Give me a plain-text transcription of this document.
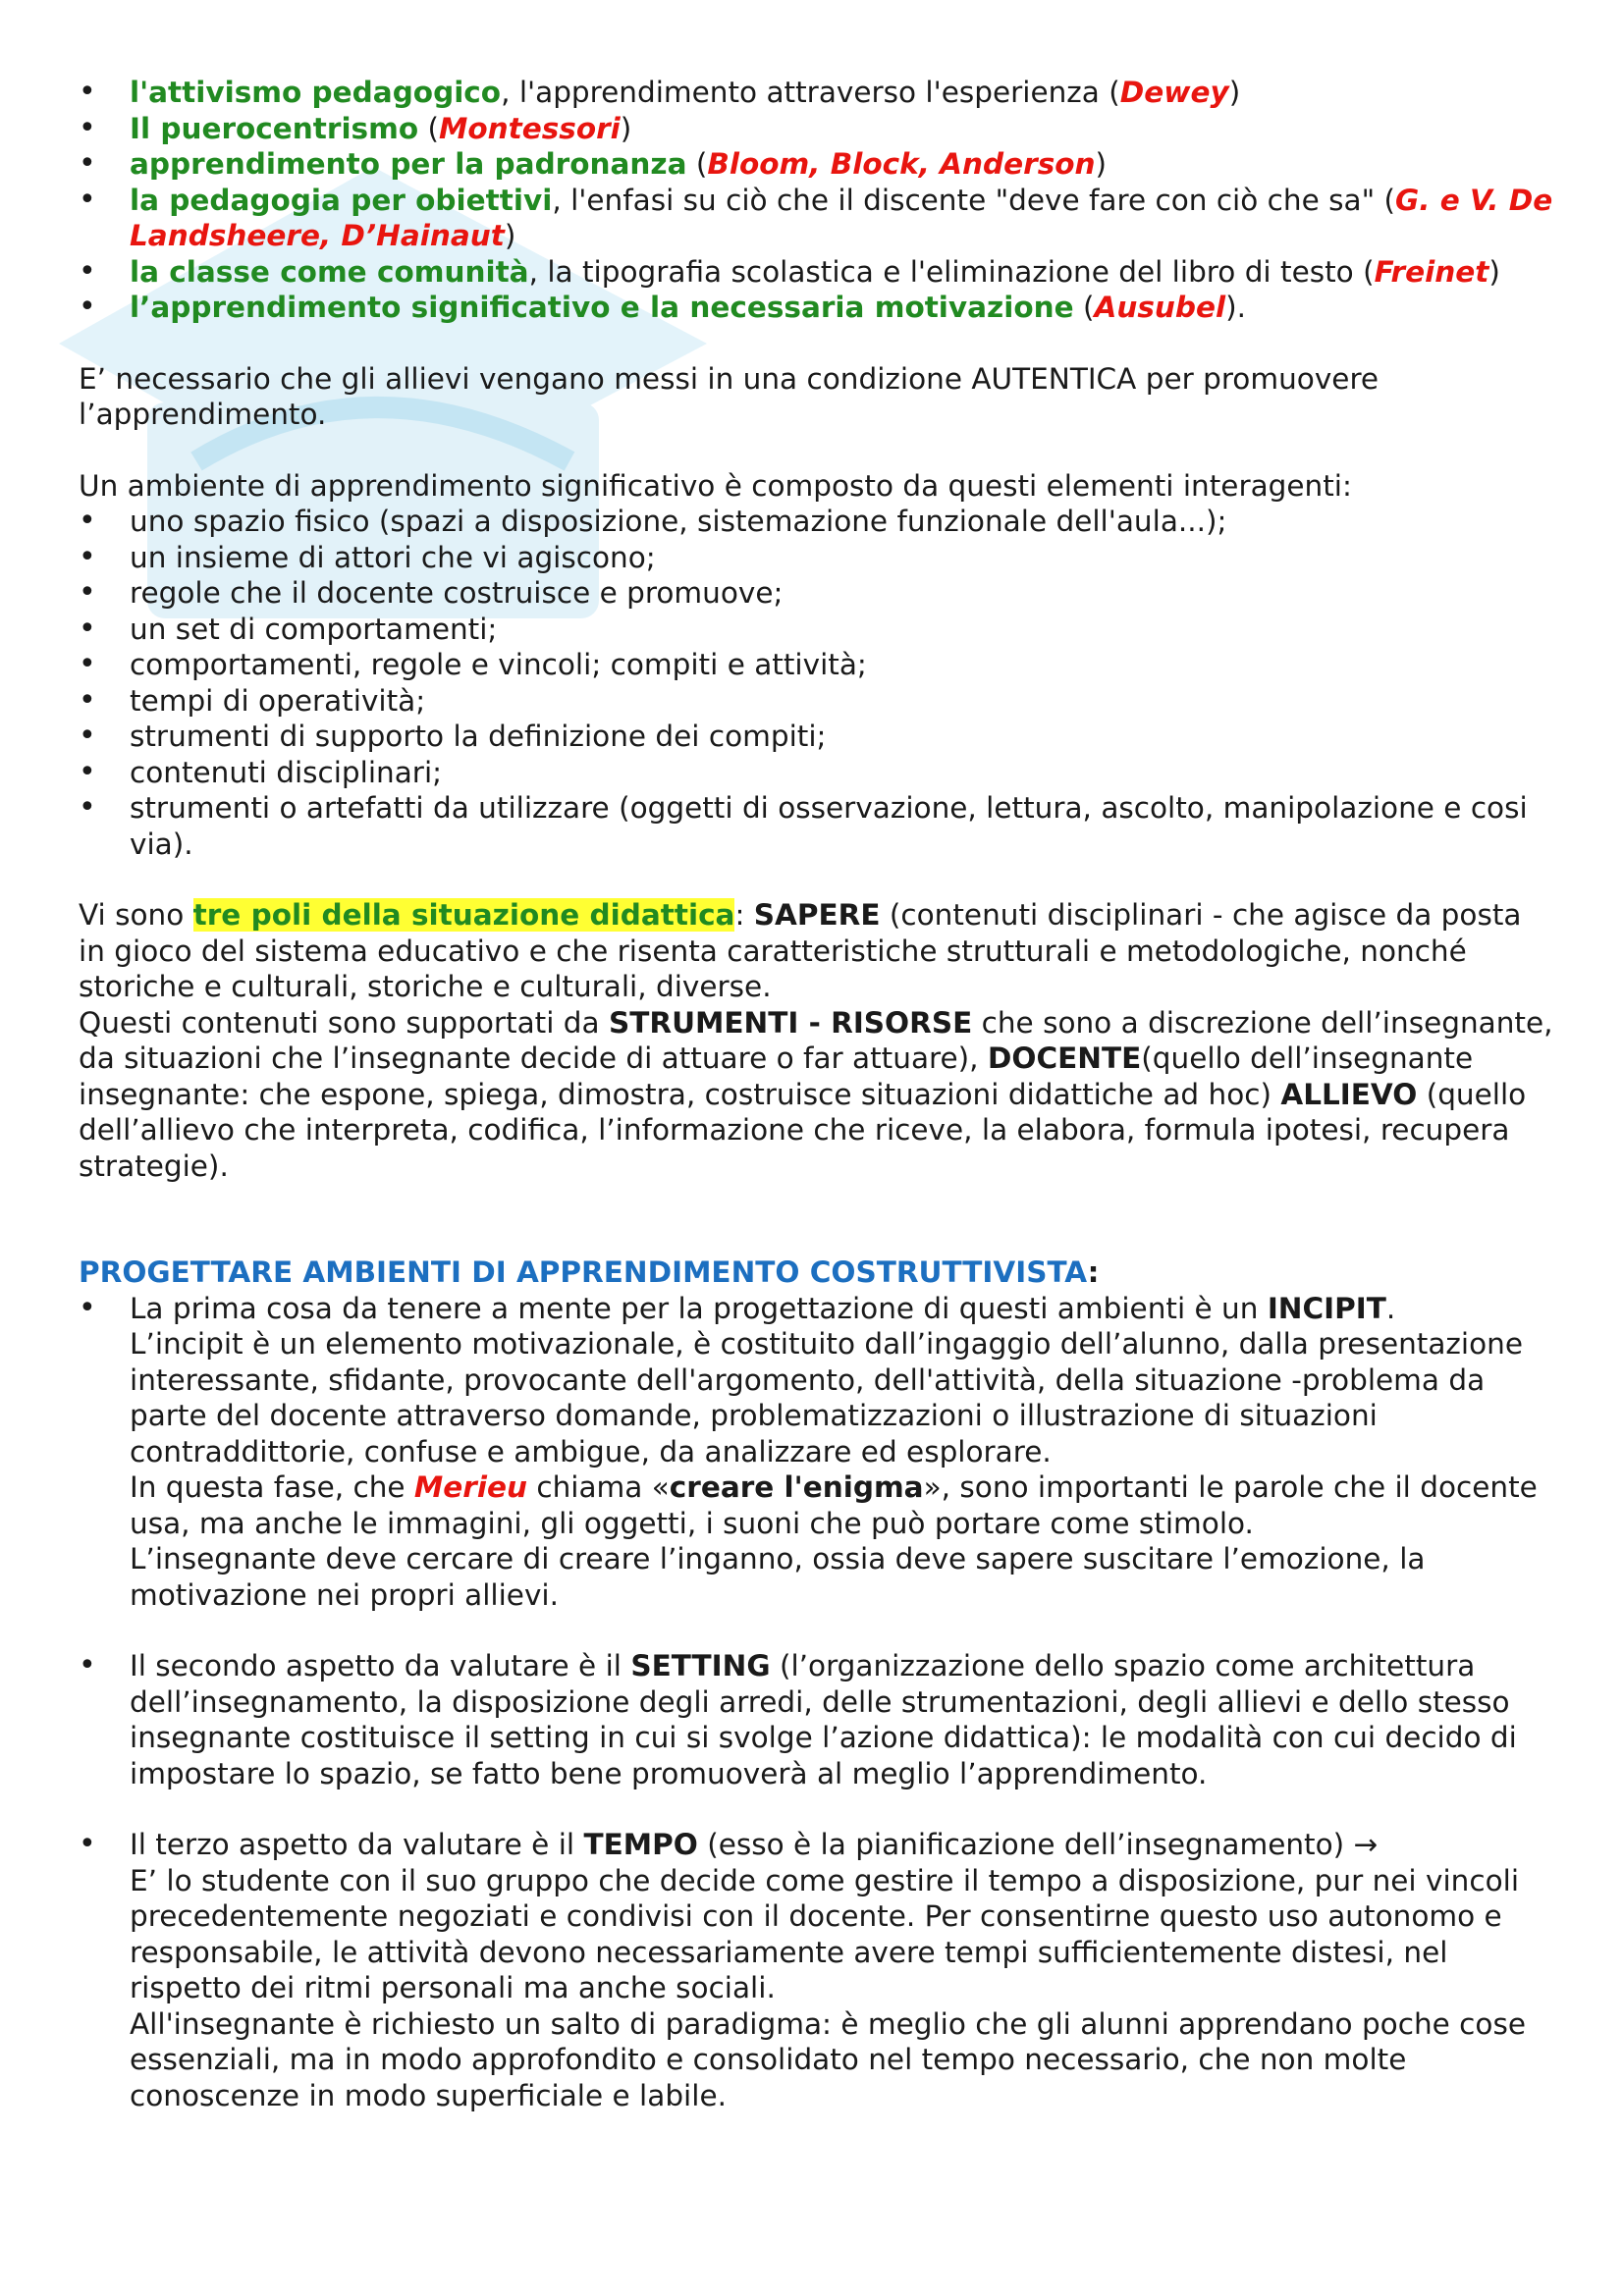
• l'attivismo pedagogico, l'apprendimento attraverso l'esperienza (Dewey)
• Il puerocentrismo (Montessori)
• apprendimento per la padronanza (Bloom, Block, Anderson)
• la pedagogia per obiettivi, l'enfasi su ciò che il discente "deve fare con ciò che sa" (G. e V. De Landsheere, D’Hainaut)
• la classe come comunità, la tipografia scolastica e l'eliminazione del libro di testo (Freinet)
• l’apprendimento significativo e la necessaria motivazione (Ausubel).

E’ necessario che gli allievi vengano messi in una condizione AUTENTICA per promuovere l’apprendimento.

Un ambiente di apprendimento significativo è composto da questi elementi interagenti:

• uno spazio fisico (spazi a disposizione, sistemazione funzionale dell'aula...);
• un insieme di attori che vi agiscono;
• regole che il docente costruisce e promuove;
• un set di comportamenti;
• comportamenti, regole e vincoli; compiti e attività;
• tempi di operatività;
• strumenti di supporto la definizione dei compiti;
• contenuti disciplinari;
• strumenti o artefatti da utilizzare (oggetti di osservazione, lettura, ascolto, manipolazione e cosi via).

Vi sono tre poli della situazione didattica: SAPERE (contenuti disciplinari - che agisce da posta in gioco del sistema educativo e che risenta caratteristiche strutturali e metodologiche, nonché storiche e culturali, storiche e culturali, diverse.

Questi contenuti sono supportati da STRUMENTI - RISORSE che sono a discrezione dell’insegnante, da situazioni che l’insegnante decide di attuare o far attuare), DOCENTE(quello dell’insegnante insegnante: che espone, spiega, dimostra, costruisce situazioni didattiche ad hoc) ALLIEVO (quello dell’allievo che interpreta, codifica, l’informazione che riceve, la elabora, formula ipotesi, recupera strategie).

PROGETTARE AMBIENTI DI APPRENDIMENTO COSTRUTTIVISTA:

• La prima cosa da tenere a mente per la progettazione di questi ambienti è un INCIPIT.

L’incipit è un elemento motivazionale, è costituito dall’ingaggio dell’alunno, dalla presentazione interessante, sfidante, provocante dell'argomento, dell'attività, della situazione -problema da parte del docente attraverso domande, problematizzazioni o illustrazione di situazioni contraddittorie, confuse e ambigue, da analizzare ed esplorare.

In questa fase, che Merieu chiama «creare l'enigma», sono importanti le parole che il docente usa, ma anche le immagini, gli oggetti, i suoni che può portare come stimolo.

L’insegnante deve cercare di creare l’inganno, ossia deve sapere suscitare l’emozione, la motivazione nei propri allievi.

• Il secondo aspetto da valutare è il SETTING (l’organizzazione dello spazio come architettura dell’insegnamento, la disposizione degli arredi, delle strumentazioni, degli allievi e dello stesso insegnante costituisce il setting in cui si svolge l’azione didattica): le modalità con cui decido di impostare lo spazio, se fatto bene promuoverà al meglio l’apprendimento.

• Il terzo aspetto da valutare è il TEMPO (esso è la pianificazione dell’insegnamento) →

E’ lo studente con il suo gruppo che decide come gestire il tempo a disposizione, pur nei vincoli precedentemente negoziati e condivisi con il docente. Per consentirne questo uso autonomo e responsabile, le attività devono necessariamente avere tempi sufficientemente distesi, nel rispetto dei ritmi personali ma anche sociali.

All'insegnante è richiesto un salto di paradigma: è meglio che gli alunni apprendano poche cose essenziali, ma in modo approfondito e consolidato nel tempo necessario, che non molte conoscenze in modo superficiale e labile.
